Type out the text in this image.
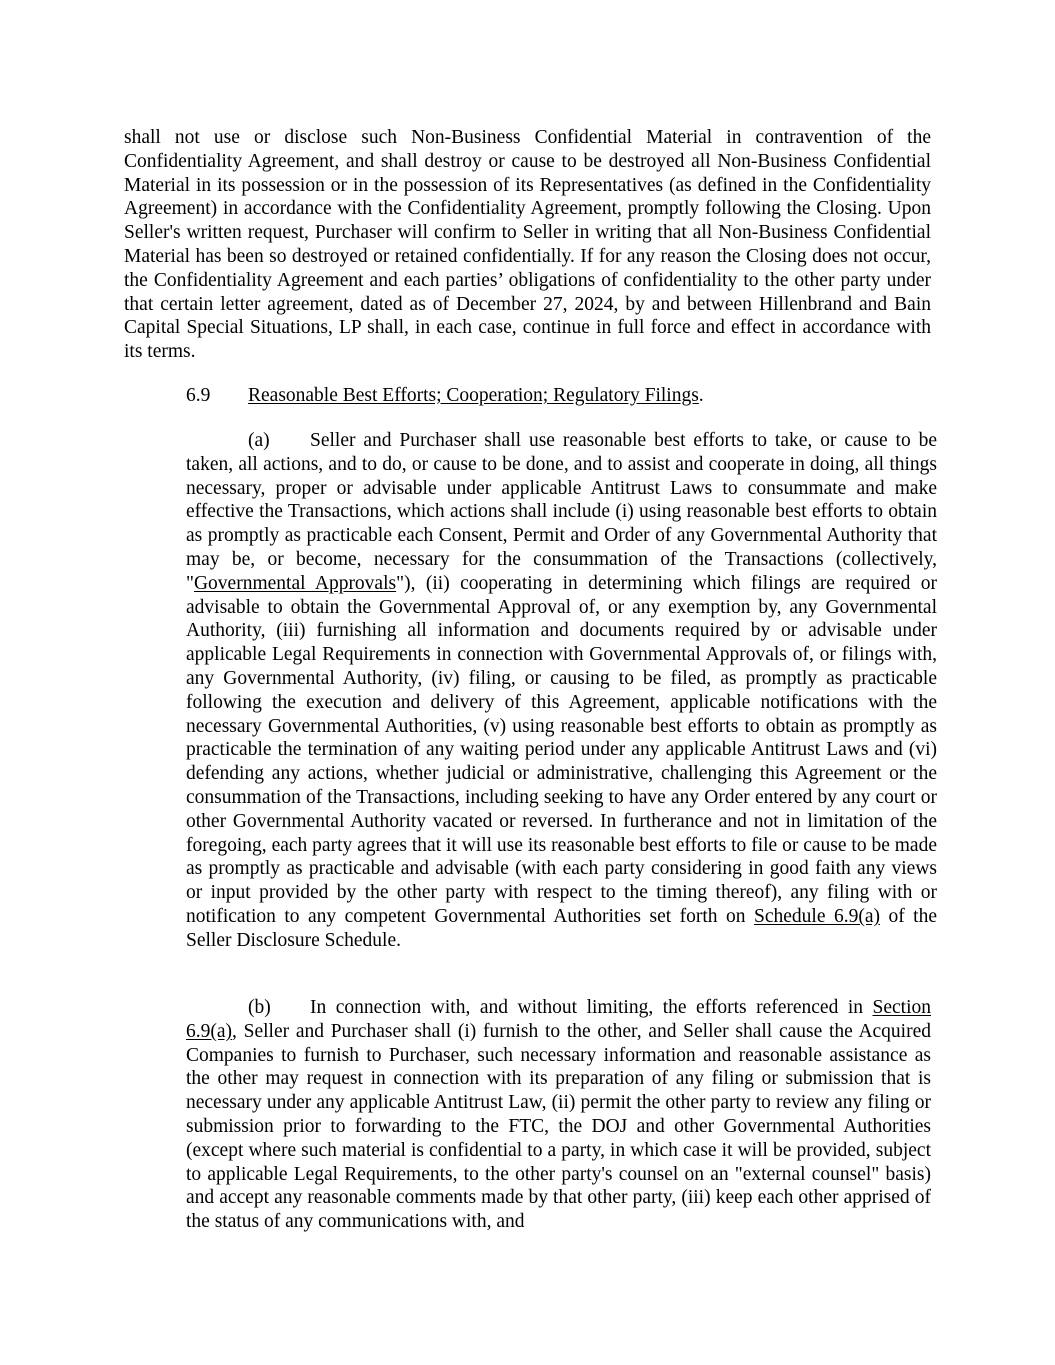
shall not use or disclose such Non-Business Confidential Material in contravention of the Confidentiality Agreement, and shall destroy or cause to be destroyed all Non-Business Confidential Material in its possession or in the possession of its Representatives (as defined in the Confidentiality Agreement) in accordance with the Confidentiality Agreement, promptly following the Closing. Upon Seller's written request, Purchaser will confirm to Seller in writing that all Non-Business Confidential Material has been so destroyed or retained confidentially. If for any reason the Closing does not occur, the Confidentiality Agreement and each parties’ obligations of confidentiality to the other party under that certain letter agreement, dated as of December 27, 2024, by and between Hillenbrand and Bain Capital Special Situations, LP shall, in each case, continue in full force and effect in accordance with its terms.

6.9 Reasonable Best Efforts; Cooperation; Regulatory Filings.

(a) Seller and Purchaser shall use reasonable best efforts to take, or cause to be taken, all actions, and to do, or cause to be done, and to assist and cooperate in doing, all things necessary, proper or advisable under applicable Antitrust Laws to consummate and make effective the Transactions, which actions shall include (i) using reasonable best efforts to obtain as promptly as practicable each Consent, Permit and Order of any Governmental Authority that may be, or become, necessary for the consummation of the Transactions (collectively, "Governmental Approvals"), (ii) cooperating in determining which filings are required or advisable to obtain the Governmental Approval of, or any exemption by, any Governmental Authority, (iii) furnishing all information and documents required by or advisable under applicable Legal Requirements in connection with Governmental Approvals of, or filings with, any Governmental Authority, (iv) filing, or causing to be filed, as promptly as practicable following the execution and delivery of this Agreement, applicable notifications with the necessary Governmental Authorities, (v) using reasonable best efforts to obtain as promptly as practicable the termination of any waiting period under any applicable Antitrust Laws and (vi) defending any actions, whether judicial or administrative, challenging this Agreement or the consummation of the Transactions, including seeking to have any Order entered by any court or other Governmental Authority vacated or reversed. In furtherance and not in limitation of the foregoing, each party agrees that it will use its reasonable best efforts to file or cause to be made as promptly as practicable and advisable (with each party considering in good faith any views or input provided by the other party with respect to the timing thereof), any filing with or notification to any competent Governmental Authorities set forth on Schedule 6.9(a) of the Seller Disclosure Schedule.

(b) In connection with, and without limiting, the efforts referenced in Section 6.9(a), Seller and Purchaser shall (i) furnish to the other, and Seller shall cause the Acquired Companies to furnish to Purchaser, such necessary information and reasonable assistance as the other may request in connection with its preparation of any filing or submission that is necessary under any applicable Antitrust Law, (ii) permit the other party to review any filing or submission prior to forwarding to the FTC, the DOJ and other Governmental Authorities (except where such material is confidential to a party, in which case it will be provided, subject to applicable Legal Requirements, to the other party's counsel on an "external counsel" basis) and accept any reasonable comments made by that other party, (iii) keep each other apprised of the status of any communications with, and
